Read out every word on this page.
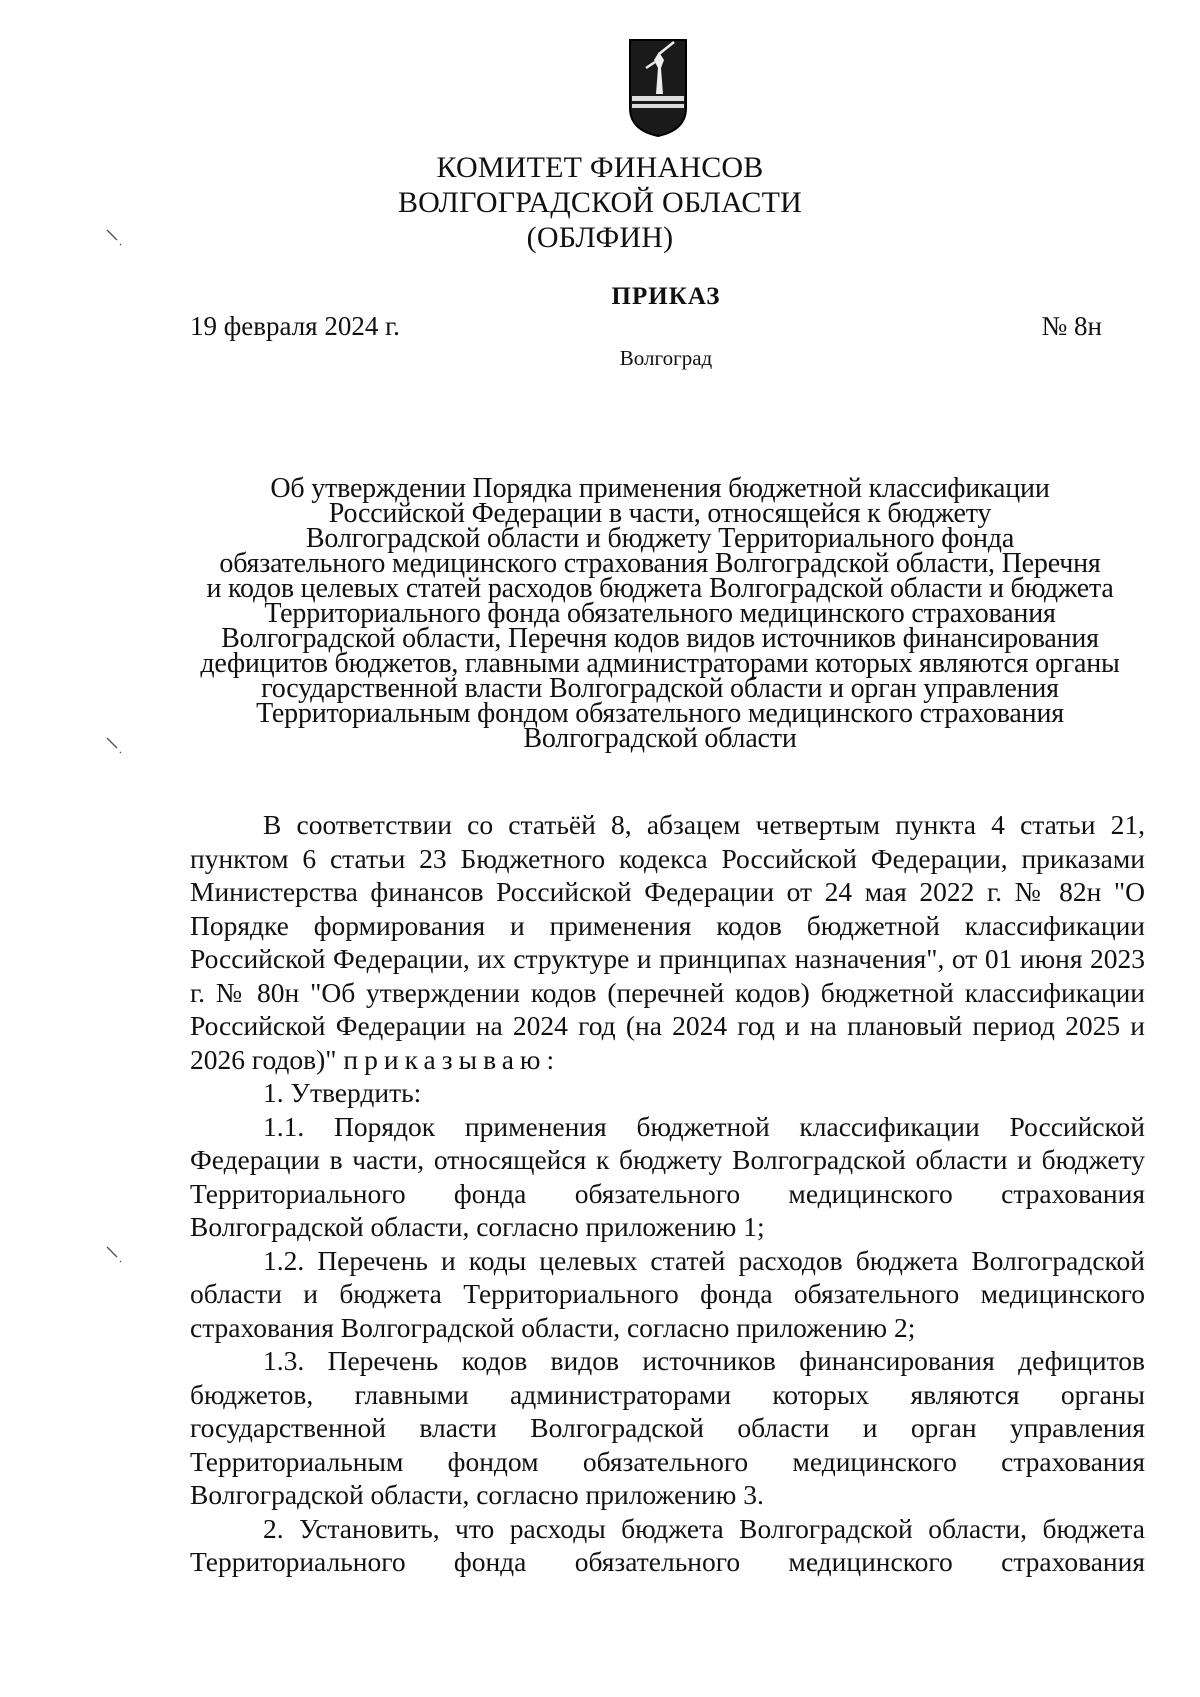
КОМИТЕТ ФИНАНСОВ
ВОЛГОГРАДСКОЙ ОБЛАСТИ
(ОБЛФИН)
ПРИКАЗ
19 февраля 2024 г.	№ 8н
Волгоград
Об утверждении Порядка применения бюджетной классификации
Российской Федерации в части, относящейся к бюджету
Волгоградской области и бюджету Территориального фонда
обязательного медицинского страхования Волгоградской области, Перечня
и кодов целевых статей расходов бюджета Волгоградской области и бюджета
Территориального фонда обязательного медицинского страхования
Волгоградской области, Перечня кодов видов источников финансирования
дефицитов бюджетов, главными администраторами которых являются органы
государственной власти Волгоградской области и орган управления
Территориальным фондом обязательного медицинского страхования
Волгоградской области

В соответствии со статьёй 8, абзацем четвертым пункта 4 статьи 21, пунктом 6 статьи 23 Бюджетного кодекса Российской Федерации, приказами Министерства финансов Российской Федерации от 24 мая 2022 г. № 82н "О Порядке формирования и применения кодов бюджетной классификации Российской Федерации, их структуре и принципах назначения", от 01 июня 2023 г. № 80н "Об утверждении кодов (перечней кодов) бюджетной классификации Российской Федерации на 2024 год (на 2024 год и на плановый период 2025 и 2026 годов)" приказываю:

1. Утвердить:

1.1. Порядок применения бюджетной классификации Российской Федерации в части, относящейся к бюджету Волгоградской области и бюджету Территориального фонда обязательного медицинского страхования Волгоградской области, согласно приложению 1;

1.2. Перечень и коды целевых статей расходов бюджета Волгоградской области и бюджета Территориального фонда обязательного медицинского страхования Волгоградской области, согласно приложению 2;

1.3. Перечень кодов видов источников финансирования дефицитов бюджетов, главными администраторами которых являются органы государственной власти Волгоградской области и орган управления Территориальным фондом обязательного медицинского страхования Волгоградской области, согласно приложению 3.

2. Установить, что расходы бюджета Волгоградской области, бюджета Территориального фонда обязательного медицинского страхования
